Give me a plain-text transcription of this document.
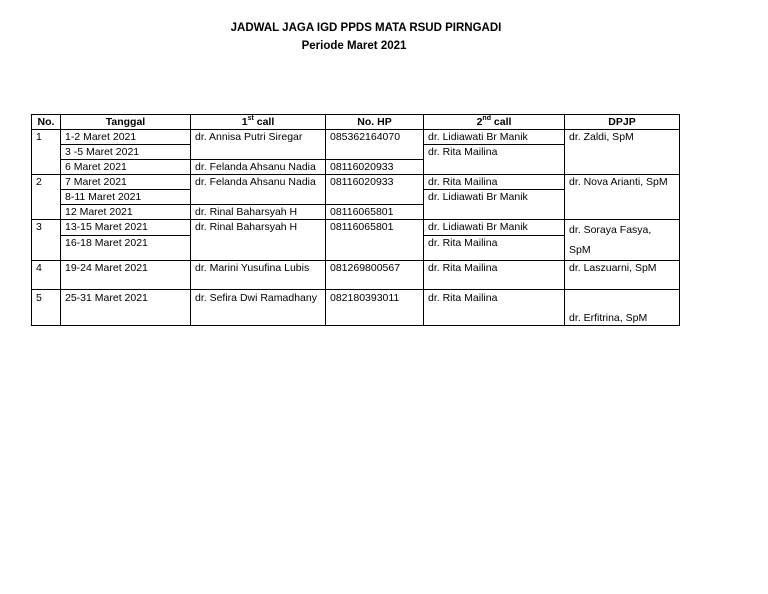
JADWAL JAGA IGD PPDS MATA RSUD PIRNGADI
Periode Maret 2021
No.	Tanggal	1st call	No. HP	2nd call	DPJP
1	1-2 Maret 2021	dr. Annisa Putri Siregar	085362164070	dr. Lidiawati Br Manik	dr. Zaldi, SpM
	3 -5 Maret 2021			dr. Rita Mailina	
	6 Maret 2021	dr. Felanda Ahsanu Nadia	08116020933		
2	7 Maret 2021	dr. Felanda Ahsanu Nadia	08116020933	dr. Rita Mailina	dr. Nova Arianti, SpM
	8-11 Maret 2021			dr. Lidiawati Br Manik	
	12 Maret 2021	dr. Rinal Baharsyah H	08116065801		
3	13-15 Maret 2021	dr. Rinal Baharsyah H	08116065801	dr. Lidiawati Br Manik	dr. Soraya Fasya,
SpM
	16-18 Maret 2021			dr. Rita Mailina	
4	19-24 Maret 2021	dr. Marini Yusufina Lubis	081269800567	dr. Rita Mailina	dr. Laszuarni, SpM
5	25-31 Maret 2021	dr. Sefira Dwi Ramadhany	082180393011	dr. Rita Mailina	dr. Erfitrina, SpM
